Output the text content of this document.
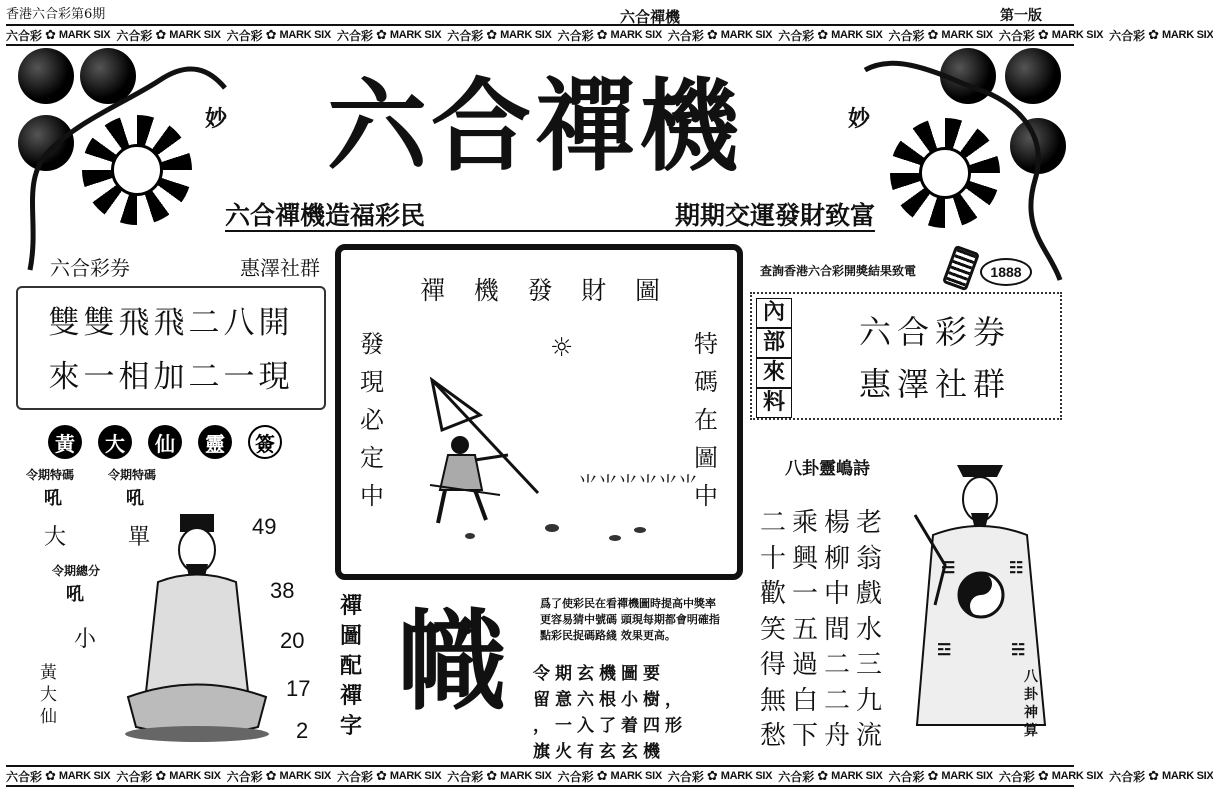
香港六合彩第6期	六合禪機	第一版
六合彩 ✿ MARK SIX 六合彩 ✿ MARK SIX 六合彩 ✿ MARK SIX 六合彩 ✿ MARK SIX 六合彩 ✿ MARK SIX 六合彩 ✿ MARK SIX 六合彩 ✿ MARK SIX 六合彩 ✿ MARK SIX 六合彩 ✿ MARK SIX 六合彩 ✿ MARK SIX 六合彩 ✿ MARK SIX
六合彩 ✿ MARK SIX 六合彩 ✿ MARK SIX 六合彩 ✿ MARK SIX 六合彩 ✿ MARK SIX 六合彩 ✿ MARK SIX 六合彩 ✿ MARK SIX 六合彩 ✿ MARK SIX 六合彩 ✿ MARK SIX 六合彩 ✿ MARK SIX 六合彩 ✿ MARK SIX 六合彩 ✿ MARK SIX
妙	妙
六合禪機
六合禪機造福彩民	期期交運發財致富
六合彩券	惠澤社群
雙雙飛飛二八開
來一相加二一現
黃	大	仙	靈	簽
令期特碼
吼
令期特碼
吼
大	單
令期總分
吼
小
黃
大
仙
49
38
20
17
2
禪 機 發 財 圖
發
現
必
定
中
特
碼
在
圖
中
☼
⺌⺌⺌⺌⺌⺌
禪
圖
配
禪
字
幟	爲了使彩民在看禪機圖時提高中獎率　更容易猜中號碼 頭現每期都會明確指點彩民捉碼路綫 效果更高。
令期玄機圖要
留意六根小樹，
，一入了着四形
旗火有玄玄機
查詢香港六合彩開獎結果致電	1888
內
部
來
料
六合彩券
惠澤社群
八卦靈嶋詩
老
翁
戲
水
三
九
流
楊
柳
中
間
二
二
舟
乘
興
一
五
過
白
下
二
十
歡
笑
得
無
愁
☰	☷
☲	☵
八
卦
神
算
